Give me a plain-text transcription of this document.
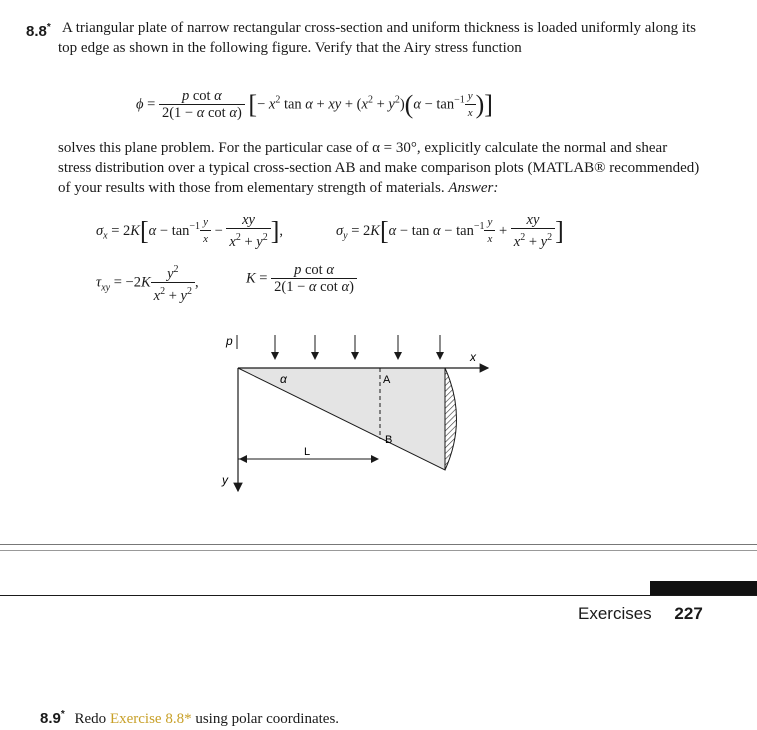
8.8* A triangular plate of narrow rectangular cross-section and uniform thickness is loaded uniformly along its top edge as shown in the following figure. Verify that the Airy stress function
$\phi = \frac{\text{p cot α}}{\text{2(1 − α cot α)}}$ [− $x^2$ tan α + xy + $(x^2 + y^2)(\alpha - \tan^{-1} \frac{y}{x}$ )]
solves this plane problem. For the particular case of α = 30°, explicitly calculate the normal and shear stress distribution over a typical cross-section AB and make comparison plots (MATLAB® recommended) of your results with those from elementary strength of materials. Answer:
$\sigma_x = 2K[\alpha - \tan^{-1} \frac{y}{x} - \frac{xy}{x^2 + y^2}$ ],	$\sigma_y = 2K[\alpha - \tan \alpha - \tan^{-1} \frac{y}{x} + \frac{xy}{x^2 + y^2}$ ]
$\tau_{xy} = -2K \frac{y^2}{x^2 + y^2}$ ,	$K = \frac{\text{p cot α}}{\text{2(1 − α cot α)}}$
x
y
p
α	A
B
L
Exercises 227
8.9* Redo Exercise 8.8* using polar coordinates.
